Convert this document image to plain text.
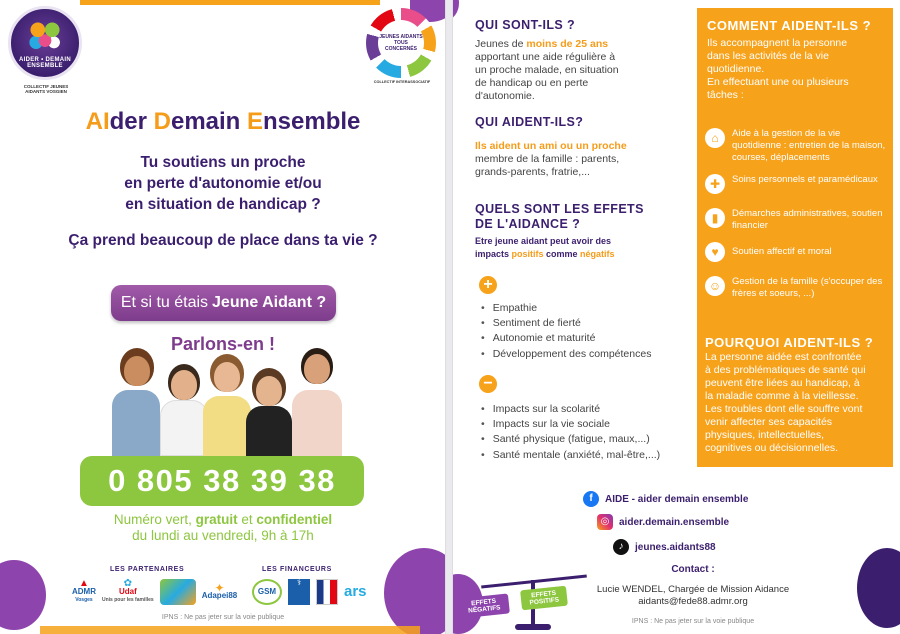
AIDER • DEMAIN ENSEMBLE
COLLECTIF JEUNES AIDANTS VOSGIEN
JEUNES AIDANTS TOUS CONCERNÉS
COLLECTIF INTERASSOCIATIF
AIder Demain Ensemble
Tu soutiens un proche
en perte d'autonomie et/ou
en situation de handicap ?
Ça prend beaucoup de place dans ta vie ?
Et si tu étais Jeune Aidant ?
Parlons-en !
0 805 38 39 38
Numéro vert, gratuit et confidentiel
du lundi au vendredi, 9h à 17h
LES PARTENAIRES	LES FINANCEURS
▲
ADMR
Vosges
✿
Udaf
Unis pour les familles
✦
Adapei88	GSM
⚕
ars
IPNS : Ne pas jeter sur la voie publique
QUI SONT-ILS ?
Jeunes de moins de 25 ans
apportant une aide régulière à
un proche malade, en situation
de handicap ou en perte
d'autonomie.
QUI AIDENT-ILS?
Ils aident un ami ou un proche
membre de la famille : parents,
grands-parents, fratrie,...
QUELS SONT LES EFFETS
DE L'AIDANCE ?
Etre jeune aidant peut avoir des
impacts positifs comme négatifs
+
• Empathie
• Sentiment de fierté
• Autonomie et maturité
• Développement des compétences
−
• Impacts sur la scolarité
• Impacts sur la vie sociale
• Santé physique (fatigue, maux,...)
• Santé mentale (anxiété, mal-être,...)
COMMENT AIDENT-ILS ?
Ils accompagnent la personne
dans les activités de la vie
quotidienne.
En effectuant une ou plusieurs
tâches :
⌂	Aide à la gestion de la vie quotidienne : entretien de la maison, courses, déplacements
✚	Soins personnels et paramédicaux
▮	Démarches administratives, soutien financier
♥	Soutien affectif et moral
☺	Gestion de la famille (s'occuper des frères et soeurs, ...)
POURQUOI AIDENT-ILS ?
La personne aidée est confrontée
à des problématiques de santé qui
peuvent être liées au handicap, à
la maladie comme à la vieillesse.
Les troubles dont elle souffre vont
venir affecter ses capacités
physiques, intellectuelles,
cognitives ou décisionnelles.
f	AIDE - aider demain ensemble
◎ aider.demain.ensemble
♪	jeunes.aidants88
Contact :
Lucie WENDEL, Chargée de Mission Aidance
aidants@fede88.admr.org
EFFETS NÉGATIFS
EFFETS POSITIFS
IPNS : Ne pas jeter sur la voie publique
